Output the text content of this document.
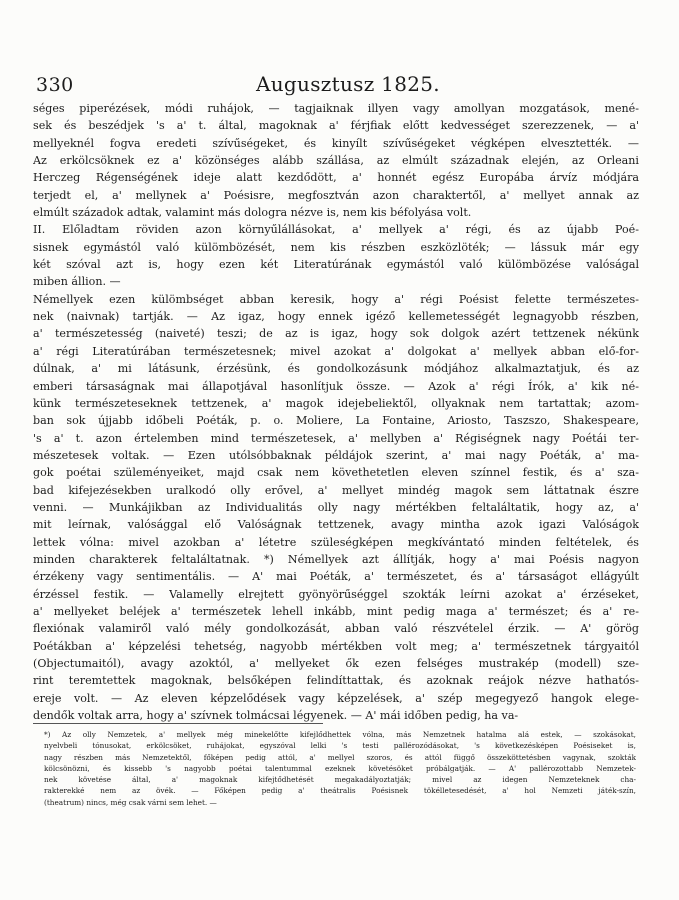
330	Augusztusz 1825.
séges piperézések, módi ruhájok, — tagjaiknak illyen vagy amollyan mozgatások, mené-
sek és beszédjek 's a' t. által, magoknak a' férjfiak előtt kedvességet szerezzenek, — a'
mellyeknél fogva eredeti szívűségeket, és kinyílt szívűségeket végképen elvesztették. —
Az erkölcsöknek ez a' közönséges alább szállása, az elmúlt századnak elején, az Orleani
Herczeg Régenségének ideje alatt kezdődött, a' honnét egész Europába árvíz módjára
terjedt el, a' mellynek a' Poésisre, megfosztván azon charaktertől, a' mellyet annak az
elmúlt századok adtak, valamint más dologra nézve is, nem kis béfolyása volt.
II. Előladtam röviden azon környűlállásokat, a' mellyek a' régi, és az újabb Poé-
sisnek egymástól való külömbözését, nem kis részben eszközlöték; — lássuk már egy
két szóval azt is, hogy ezen két Literatúrának egymástól való külömbözése valóságal
miben állion. —
Némellyek ezen külömbséget abban keresik, hogy a' régi Poésist felette természetes-
nek (naivnak) tartják. — Az igaz, hogy ennek igéző kellemetességét legnagyobb részben,
a' természetesség (naiveté) teszi; de az is igaz, hogy sok dolgok azért tettzenek nékünk
a' régi Literatúrában természetesnek; mivel azokat a' dolgokat a' mellyek abban elő-for-
dúlnak, a' mi látásunk, érzésünk, és gondolkozásunk módjához alkalmaztatjuk, és az
emberi társaságnak mai állapotjával hasonlítjuk össze. — Azok a' régi Írók, a' kik né-
künk természeteseknek tettzenek, a' magok idejebeliektől, ollyaknak nem tartattak; azom-
ban sok újjabb időbeli Poéták, p. o. Moliere, La Fontaine, Ariosto, Taszszo, Shakespeare,
's a' t. azon értelemben mind természetesek, a' mellyben a' Régiségnek nagy Poétái ter-
mészetesek voltak. — Ezen utólsóbbaknak példájok szerint, a' mai nagy Poéták, a' ma-
gok poétai szüleményeiket, majd csak nem követhetetlen eleven színnel festik, és a' sza-
bad kifejezésekben uralkodó olly erővel, a' mellyet mindég magok sem láttatnak észre
venni. — Munkájikban az Individualitás olly nagy mértékben feltaláltatik, hogy az, a'
mit leírnak, valósággal elő Valóságnak tettzenek, avagy mintha azok igazi Valóságok
lettek vólna: mivel azokban a' létetre szüleségképen megkívántató minden feltételek, és
minden charakterek feltaláltatnak. *) Némellyek azt állítják, hogy a' mai Poésis nagyon
érzékeny vagy sentimentális. — A' mai Poéták, a' természetet, és a' társaságot ellágyúlt
érzéssel festik. — Valamelly elrejtett gyönyörűséggel szokták leírni azokat a' érzéseket,
a' mellyeket beléjek a' természetek lehell inkább, mint pedig maga a' természet; és a' re-
flexiónak valamiről való mély gondolkozását, abban való részvételel érzik. — A' görög
Poétákban a' képzelési tehetség, nagyobb mértékben volt meg; a' természetnek tárgyaitól
(Objectumaitól), avagy azoktól, a' mellyeket ők ezen felséges mustrakép (modell) sze-
rint teremtettek magoknak, belsőképen felindíttattak, és azoknak reájok nézve hathatós-
ereje volt. — Az eleven képzelődések vagy képzelések, a' szép megegyező hangok elege-
dendők voltak arra, hogy a' szívnek tolmácsai légyenek. — A' mái időben pedig, ha va-
*) Az olly Nemzetek, a' mellyek még minekelőtte kifejlődhettek vólna, más Nemzetnek hatalma alá estek, — szokásokat,
nyelvbeli tónusokat, erkölcsöket, ruhájokat, egyszóval lelki 's testi pallérozódásokat, 's következésképen Poésiseket is,
nagy részben más Nemzetektől, főképen pedig attól, a' mellyel szoros, és attól függő összeköttetésben vagynak, szokták
kölcsönözni, és kissebb 's nagyobb poétai talentummal ezeknek követésöket próbálgatják. — A' pallérozottabb Nemzetek-
nek követése által, a' magoknak kifejtődhetését megakadályoztatják; mivel az idegen Nemzeteknek cha-
rakterekké nem az övék. — Főképen pedig a' theátralis Poésisnek tökélletesedését, a' hol Nemzeti játék-szín,
(theatrum) nincs, még csak várni sem lehet. —
